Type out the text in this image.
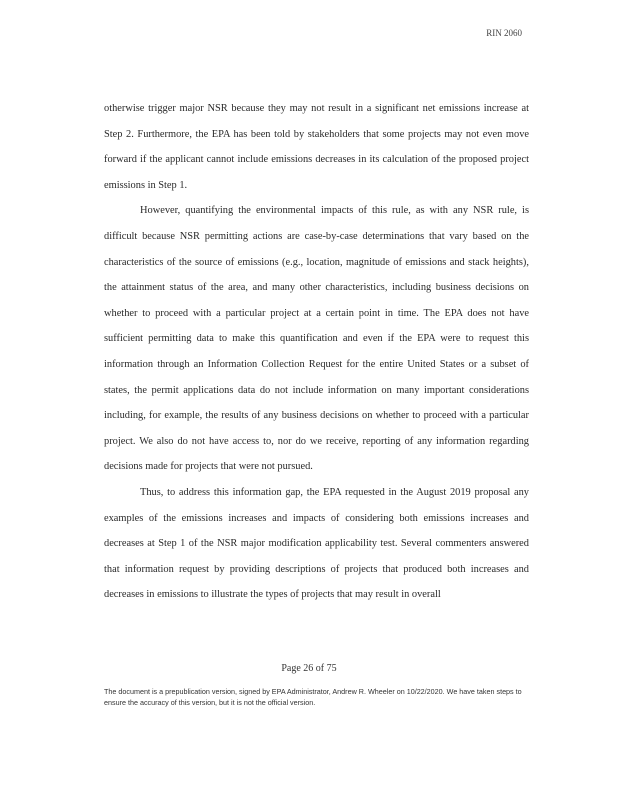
RIN 2060

otherwise trigger major NSR because they may not result in a significant net emissions increase at Step 2. Furthermore, the EPA has been told by stakeholders that some projects may not even move forward if the applicant cannot include emissions decreases in its calculation of the proposed project emissions in Step 1.

However, quantifying the environmental impacts of this rule, as with any NSR rule, is difficult because NSR permitting actions are case-by-case determinations that vary based on the characteristics of the source of emissions (e.g., location, magnitude of emissions and stack heights), the attainment status of the area, and many other characteristics, including business decisions on whether to proceed with a particular project at a certain point in time. The EPA does not have sufficient permitting data to make this quantification and even if the EPA were to request this information through an Information Collection Request for the entire United States or a subset of states, the permit applications data do not include information on many important considerations including, for example, the results of any business decisions on whether to proceed with a particular project. We also do not have access to, nor do we receive, reporting of any information regarding decisions made for projects that were not pursued.

Thus, to address this information gap, the EPA requested in the August 2019 proposal any examples of the emissions increases and impacts of considering both emissions increases and decreases at Step 1 of the NSR major modification applicability test. Several commenters answered that information request by providing descriptions of projects that produced both increases and decreases in emissions to illustrate the types of projects that may result in overall

Page 26 of 75
The document is a prepublication version, signed by EPA Administrator, Andrew R. Wheeler on 10/22/2020. We have taken steps to ensure the accuracy of this version, but it is not the official version.
